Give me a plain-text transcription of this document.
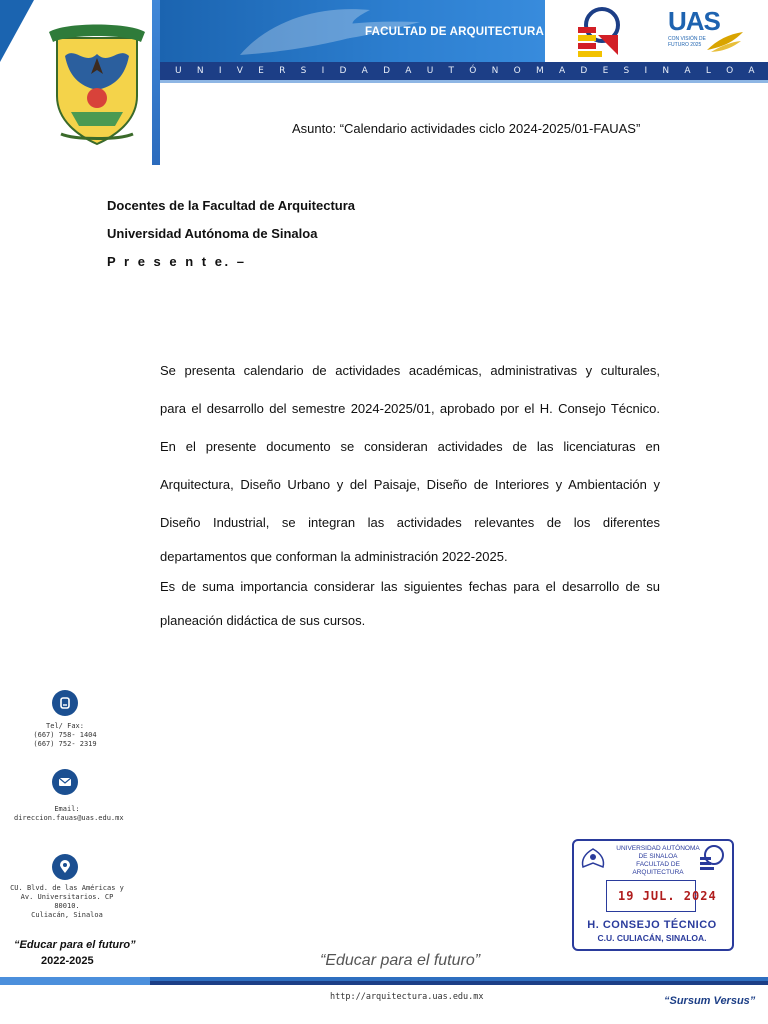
U N I V E R S I D A D A U T Ó N O M A D E S I N A L O A
FACULTAD DE ARQUITECTURA	UAS
CON VISIÓN DE FUTURO 2025
Asunto: “Calendario actividades ciclo 2024-2025/01-FAUAS”
Docentes de la Facultad de Arquitectura
Universidad Autónoma de Sinaloa
P r e s e n t e. –
Se presenta calendario de actividades académicas, administrativas y culturales,
para el desarrollo del semestre 2024-2025/01, aprobado por el H. Consejo Técnico.
En el presente documento se consideran actividades de las licenciaturas en
Arquitectura, Diseño Urbano y del Paisaje, Diseño de Interiores y Ambientación y
Diseño Industrial, se integran las actividades relevantes de los diferentes
departamentos que conforman la administración 2022-2025.
Es de suma importancia considerar las siguientes fechas para el desarrollo de su
planeación didáctica de sus cursos.
Tel/ Fax:
(667) 758- 1404
(667) 752- 2319
Email:
direccion.fauas@uas.edu.mx
CU. Blvd. de las Américas y
Av. Universitarios. CP 80010.
Culiacán, Sinaloa
UNIVERSIDAD AUTÓNOMA
DE SINALOA
FACULTAD DE ARQUITECTURA
19 JUL. 2024
H. CONSEJO TÉCNICO
C.U. CULIACÁN, SINALOA.
“Educar para el futuro”
2022-2025	“Educar para el futuro”
http://arquitectura.uas.edu.mx	“Sursum Versus”
